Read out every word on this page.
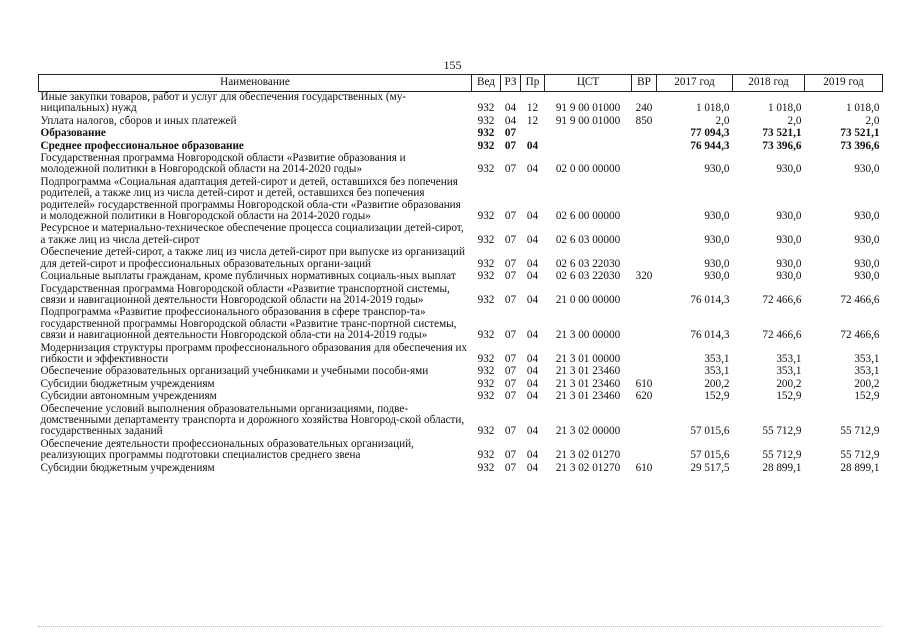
155
Наименование	Вед	РЗ	Пр	ЦСТ	ВР	2017 год	2018 год	2019 год
Иные закупки товаров, работ и услуг для обеспечения государственных (му-ниципальных) нужд	932	04	12	91 9 00 01000	240	1 018,0	1 018,0	1 018,0
Уплата налогов, сборов и иных платежей	932	04	12	91 9 00 01000	850	2,0	2,0	2,0
Образование	932	07				77 094,3	73 521,1	73 521,1
Среднее профессиональное образование	932	07	04			76 944,3	73 396,6	73 396,6
Государственная программа Новгородской области «Развитие образования и молодежной политики в Новгородской области на 2014-2020 годы»	932	07	04	02 0 00 00000		930,0	930,0	930,0
Подпрограмма «Социальная адаптация детей-сирот и детей, оставшихся без попечения родителей, а также лиц из числа детей-сирот и детей, оставшихся без попечения родителей» государственной программы Новгородской обла-сти «Развитие образования и молодежной политики в Новгородской области на 2014-2020 годы»	932	07	04	02 6 00 00000		930,0	930,0	930,0
Ресурсное и материально-техническое обеспечение процесса социализации детей-сирот, а также лиц из числа детей-сирот	932	07	04	02 6 03 00000		930,0	930,0	930,0
Обеспечение детей-сирот, а также лиц из числа детей-сирот при выпуске из организаций для детей-сирот и профессиональных образовательных органи-заций	932	07	04	02 6 03 22030		930,0	930,0	930,0
Социальные выплаты гражданам, кроме публичных нормативных социаль-ных выплат	932	07	04	02 6 03 22030	320	930,0	930,0	930,0
Государственная программа Новгородской области «Развитие транспортной системы, связи и навигационной деятельности Новгородской области на 2014-2019 годы»	932	07	04	21 0 00 00000		76 014,3	72 466,6	72 466,6
Подпрограмма «Развитие профессионального образования в сфере транспор-та» государственной программы Новгородской области «Развитие транс-портной системы, связи и навигационной деятельности Новгородской обла-сти на 2014-2019 годы»	932	07	04	21 3 00 00000		76 014,3	72 466,6	72 466,6
Модернизация структуры программ профессионального образования для обеспечения их гибкости и эффективности	932	07	04	21 3 01 00000		353,1	353,1	353,1
Обеспечение образовательных организаций учебниками и учебными пособи-ями	932	07	04	21 3 01 23460		353,1	353,1	353,1
Субсидии бюджетным учреждениям	932	07	04	21 3 01 23460	610	200,2	200,2	200,2
Субсидии автономным учреждениям	932	07	04	21 3 01 23460	620	152,9	152,9	152,9
Обеспечение условий выполнения образовательными организациями, подве-домственными департаменту транспорта и дорожного хозяйства Новгород-ской области, государственных заданий	932	07	04	21 3 02 00000		57 015,6	55 712,9	55 712,9
Обеспечение деятельности профессиональных образовательных организаций, реализующих программы подготовки специалистов среднего звена	932	07	04	21 3 02 01270		57 015,6	55 712,9	55 712,9
Субсидии бюджетным учреждениям	932	07	04	21 3 02 01270	610	29 517,5	28 899,1	28 899,1
